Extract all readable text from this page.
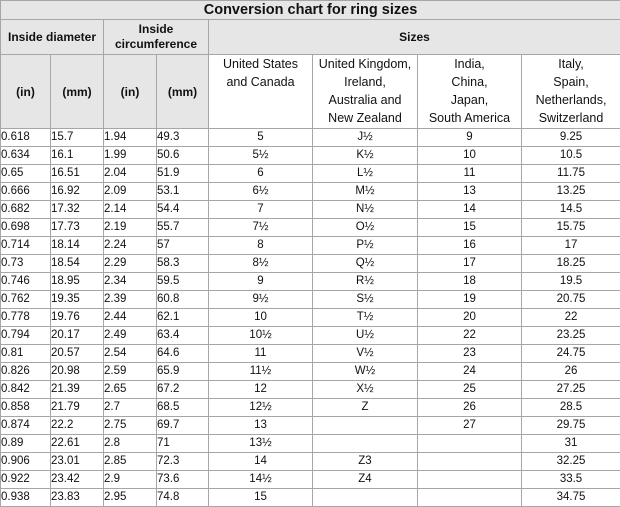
Conversion chart for ring sizes							
Inside diameter		Inside
circumference		Sizes			
(in)	(mm)	(in)	(mm)	United States
and Canada	United Kingdom,
Ireland,
Australia and
New Zealand	India,
China,
Japan,
South America	Italy,
Spain,
Netherlands,
Switzerland
0.618	15.7	1.94	49.3	5	J½	9	9.25
0.634	16.1	1.99	50.6	5½	K½	10	10.5
0.65	16.51	2.04	51.9	6	L½	11	11.75
0.666	16.92	2.09	53.1	6½	M½	13	13.25
0.682	17.32	2.14	54.4	7	N½	14	14.5
0.698	17.73	2.19	55.7	7½	O½	15	15.75
0.714	18.14	2.24	57	8	P½	16	17
0.73	18.54	2.29	58.3	8½	Q½	17	18.25
0.746	18.95	2.34	59.5	9	R½	18	19.5
0.762	19.35	2.39	60.8	9½	S½	19	20.75
0.778	19.76	2.44	62.1	10	T½	20	22
0.794	20.17	2.49	63.4	10½	U½	22	23.25
0.81	20.57	2.54	64.6	11	V½	23	24.75
0.826	20.98	2.59	65.9	11½	W½	24	26
0.842	21.39	2.65	67.2	12	X½	25	27.25
0.858	21.79	2.7	68.5	12½	Z	26	28.5
0.874	22.2	2.75	69.7	13		27	29.75
0.89	22.61	2.8	71	13½			31
0.906	23.01	2.85	72.3	14	Z3		32.25
0.922	23.42	2.9	73.6	14½	Z4		33.5
0.938	23.83	2.95	74.8	15			34.75
